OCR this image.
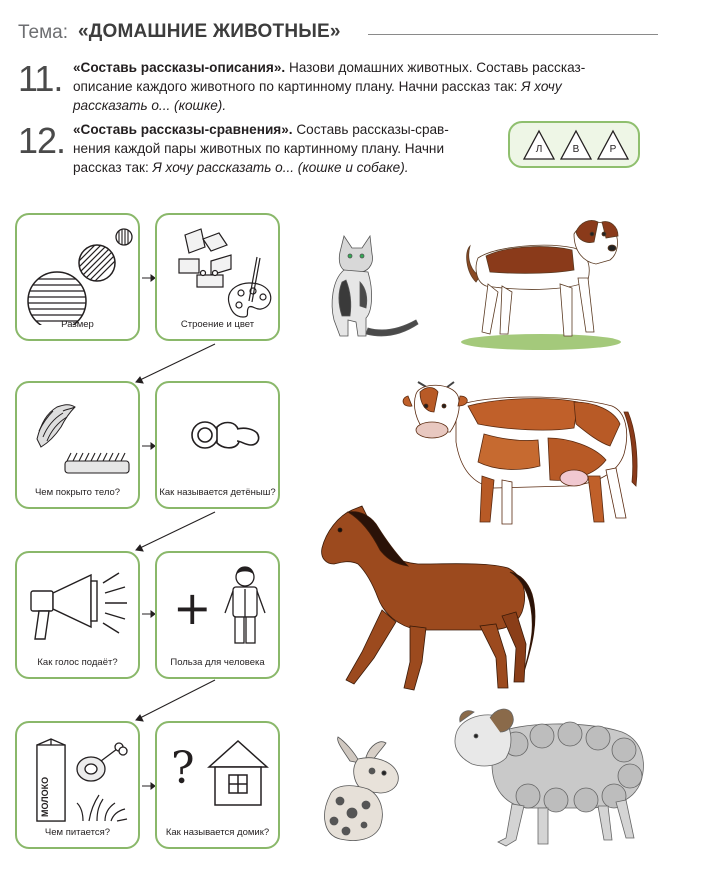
Тема: «ДОМАШНИЕ ЖИВОТНЫЕ»
11. «Составь рассказы-описания». Назови домашних животных. Составь рассказ-
описание каждого животного по картинному плану. Начни рассказ так: Я хочу
рассказать о... (кошке).
12. «Составь рассказы-сравнения». Составь рассказы-срав-
нения каждой пары животных по картинному плану. Начни
рассказ так: Я хочу рассказать о... (кошке и собаке).
Л	В	Р
Размер	Строение и цвет
Чем покрыто тело?	Как называется детёныш?
Как голос подаёт?
+
Польза для человека
МОЛОКО
Чем питается?
?
Как называется домик?
